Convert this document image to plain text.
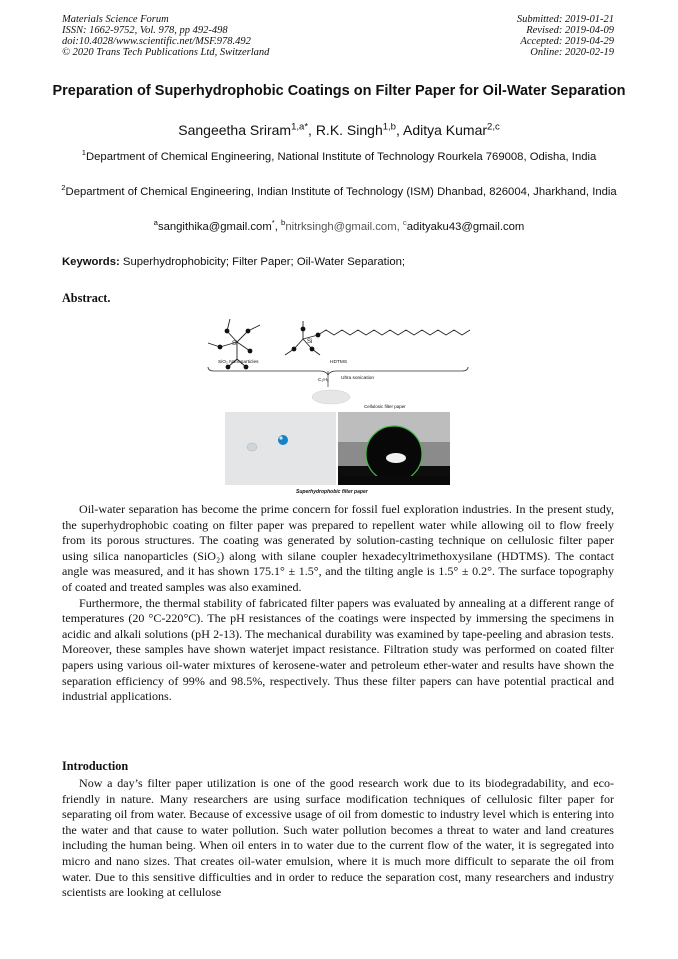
Materials Science Forum
ISSN: 1662-9752, Vol. 978, pp 492-498
doi:10.4028/www.scientific.net/MSF.978.492
© 2020 Trans Tech Publications Ltd, Switzerland
Submitted: 2019-01-21
Revised: 2019-04-09
Accepted: 2019-04-29
Online: 2020-02-19
Preparation of Superhydrophobic Coatings on Filter Paper for Oil-Water Separation
Sangeetha Sriram$^{1,a*}$, R.K. Singh$^{1,b}$, Aditya Kumar$^{2,c}$
$^1$Department of Chemical Engineering, National Institute of Technology Rourkela 769008, Odisha, India
$^2$Department of Chemical Engineering, Indian Institute of Technology (ISM) Dhanbad, 826004, Jharkhand, India
$^a$sangithika@gmail.com*, $^b$nitrksingh@gmail.com, $^c$adityaku43@gmail.com
Keywords: Superhydrophobicity; Filter Paper; Oil-Water Separation;
Abstract.
Si
SiO₂ Nanoparticles
Si
HDTMS
C₂H₅	Ultra sonication
Cellulosic filter paper
Superhydrophobic filter paper

Oil-water separation has become the prime concern for fossil fuel exploration industries. In the present study, the superhydrophobic coating on filter paper was prepared to repellent water while allowing oil to flow freely from its porous structures. The coating was generated by solution-casting technique on cellulosic filter paper using silica nanoparticles (SiO₂) along with silane coupler hexadecyltrimethoxysilane (HDTMS). The contact angle was measured, and it has shown 175.1° ± 1.5°, and the tilting angle is 1.5° ± 0.2°. The surface topography of coated and treated samples was also examined.

Furthermore, the thermal stability of fabricated filter papers was evaluated by annealing at a different range of temperatures (20 °C-220°C). The pH resistances of the coatings were inspected by immersing the specimens in acidic and alkali solutions (pH 2-13). The mechanical durability was examined by tape-peeling and abrasion tests. Moreover, these samples have shown waterjet impact resistance. Filtration study was performed on coated filter papers using various oil-water mixtures of kerosene-water and petroleum ether-water and results have shown the separation efficiency of 99% and 98.5%, respectively. Thus these filter papers can have potential practical and industrial applications.

Introduction

Now a day’s filter paper utilization is one of the good research work due to its biodegradability, and eco-friendly in nature. Many researchers are using surface modification techniques of cellulosic filter paper for separating oil from water. Because of excessive usage of oil from domestic to industry level which is entering into the water and that cause to water pollution. Such water pollution becomes a threat to water and land creatures including the human being. When oil enters in to water due to the current flow of the water, it is segregated into micro and nano sizes. That creates oil-water emulsion, where it is much more difficult to separate the oil from water. Due to this sensitive difficulties and in order to reduce the separation cost, many researchers and industry scientists are looking at cellulose
